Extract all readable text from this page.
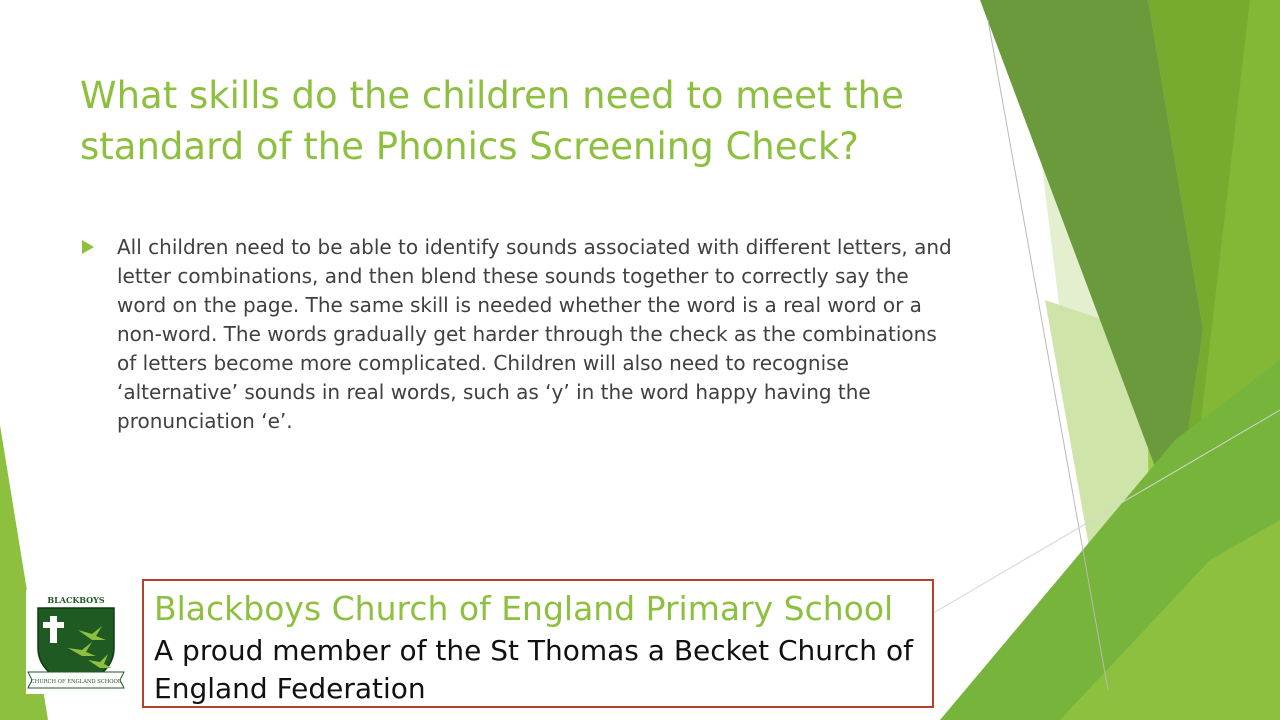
What skills do the children need to meet the standard of the Phonics Screening Check?

All children need to be able to identify sounds associated with different letters, and letter combinations, and then blend these sounds together to correctly say the word on the page. The same skill is needed whether the word is a real word or a non-word. The words gradually get harder through the check as the combinations of letters become more complicated. Children will also need to recognise ‘alternative’ sounds in real words, such as ‘y’ in the word happy having the pronunciation ‘e’.

BLACKBOYS
CHURCH OF ENGLAND SCHOOL

Blackboys Church of England Primary School

A proud member of the St Thomas a Becket Church of England Federation
